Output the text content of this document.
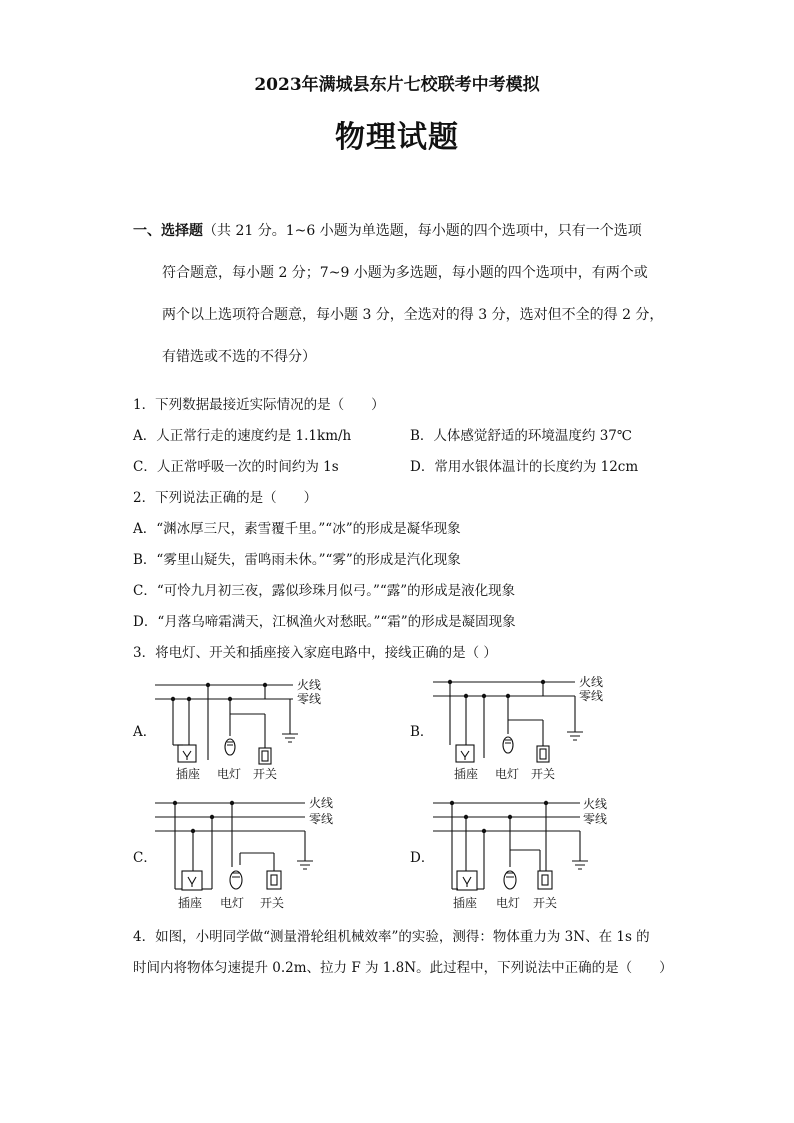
2023年满城县东片七校联考中考模拟
物理试题
一、选择题（共 21 分。1~6 小题为单选题，每小题的四个选项中，只有一个选项
符合题意，每小题 2 分；7~9 小题为多选题，每小题的四个选项中，有两个或
两个以上选项符合题意，每小题 3 分，全选对的得 3 分，选对但不全的得 2 分，
有错选或不选的不得分）
1．下列数据最接近实际情况的是（　　）
A．人正常行走的速度约是 1.1km/h	B．人体感觉舒适的环境温度约 37℃
C．人正常呼吸一次的时间约为 1s	D．常用水银体温计的长度约为 12cm
2．下列说法正确的是（　　）
A．“渊冰厚三尺，素雪覆千里。”“冰”的形成是凝华现象
B．“雾里山疑失，雷鸣雨未休。”“雾”的形成是汽化现象
C．“可怜九月初三夜，露似珍珠月似弓。”“露”的形成是液化现象
D．“月落乌啼霜满天，江枫渔火对愁眠。”“霜”的形成是凝固现象
3．将电灯、开关和插座接入家庭电路中，接线正确的是（ ）
A．
火线
零线
插座 电灯 开关
B．
火线
零线
插座 电灯 开关
C．
火线
零线
插座 电灯 开关
D．
火线
零线
插座 电灯 开关
4．如图，小明同学做“测量滑轮组机械效率”的实验，测得：物体重力为 3N、在 1s 的
时间内将物体匀速提升 0.2m、拉力 F 为 1.8N。此过程中，下列说法中正确的是（　　）
